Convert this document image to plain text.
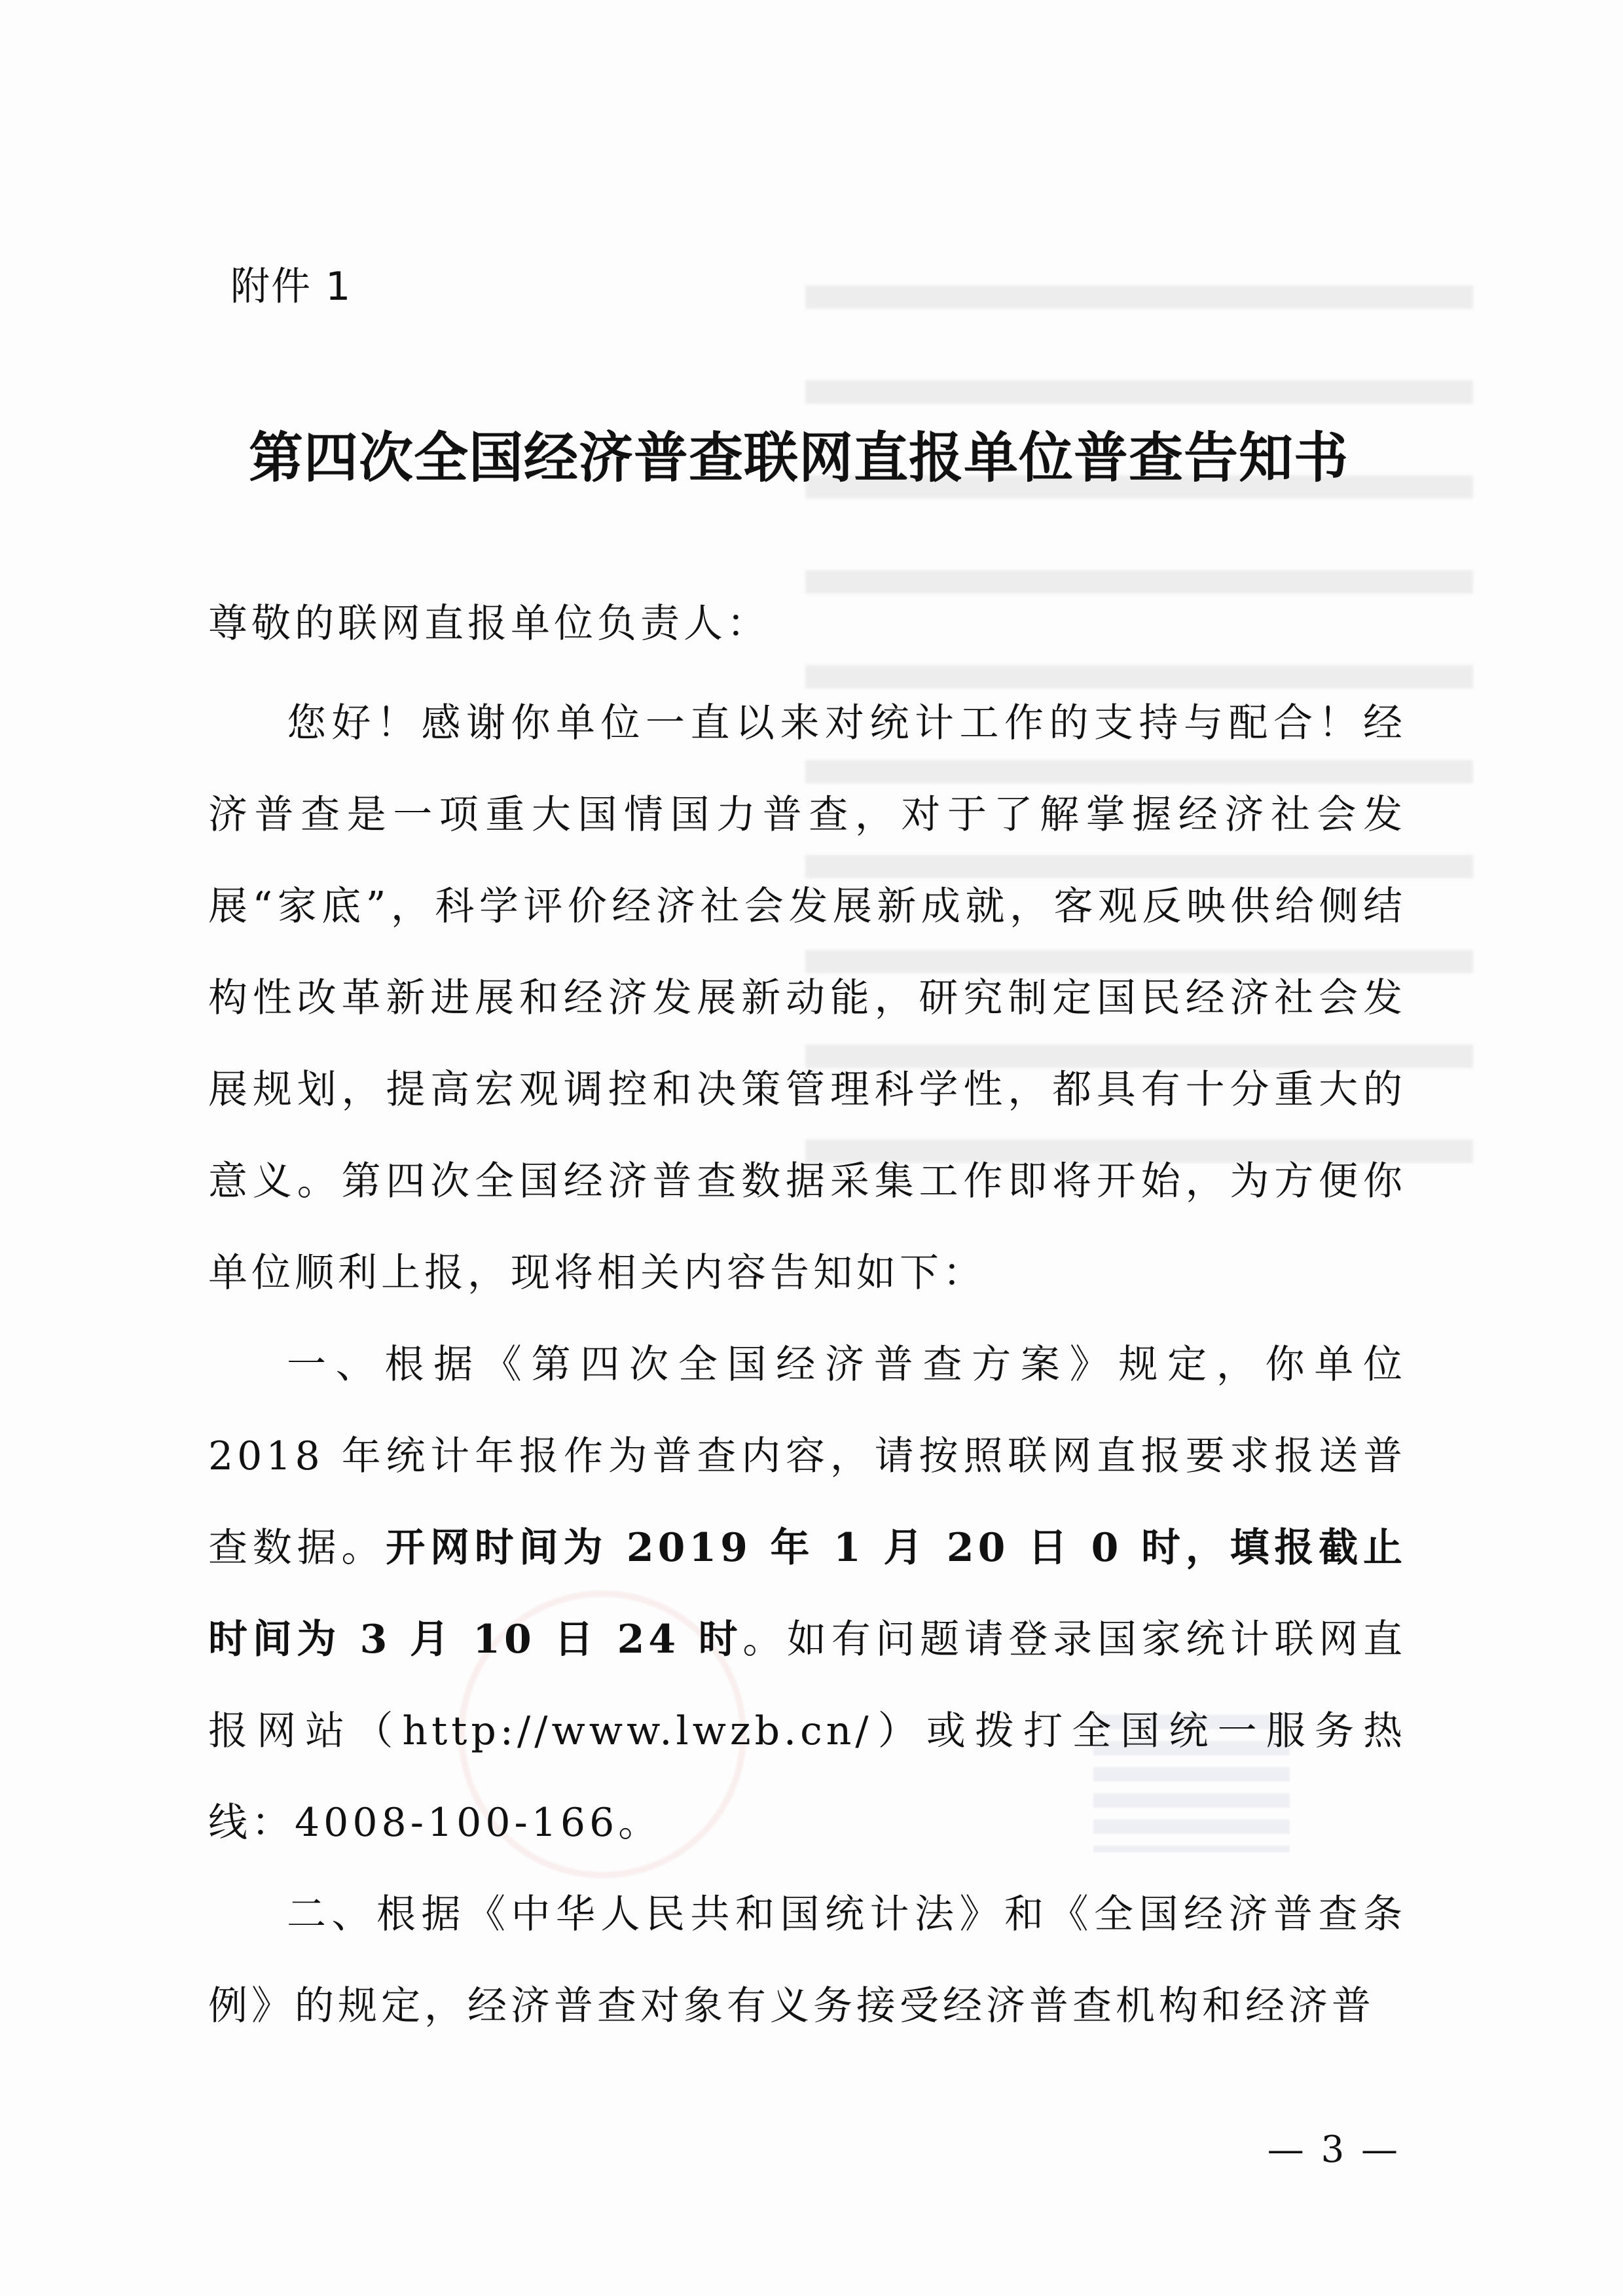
附件 1
第四次全国经济普查联网直报单位普查告知书
尊敬的联网直报单位负责人：

您好！感谢你单位一直以来对统计工作的支持与配合！经济普查是一项重大国情国力普查，对于了解掌握经济社会发展“家底”，科学评价经济社会发展新成就，客观反映供给侧结构性改革新进展和经济发展新动能，研究制定国民经济社会发展规划，提高宏观调控和决策管理科学性，都具有十分重大的意义。第四次全国经济普查数据采集工作即将开始，为方便你单位顺利上报，现将相关内容告知如下：

一、根据《第四次全国经济普查方案》规定，你单位 2018 年统计年报作为普查内容，请按照联网直报要求报送普查数据。开网时间为 2019 年 1 月 20 日 0 时，填报截止时间为 3 月 10 日 24 时。如有问题请登录国家统计联网直报网站（http://www.lwzb.cn/）或拨打全国统一服务热线：4008-100-166。

二、根据《中华人民共和国统计法》和《全国经济普查条例》的规定，经济普查对象有义务接受经济普查机构和经济普

— 3 —
